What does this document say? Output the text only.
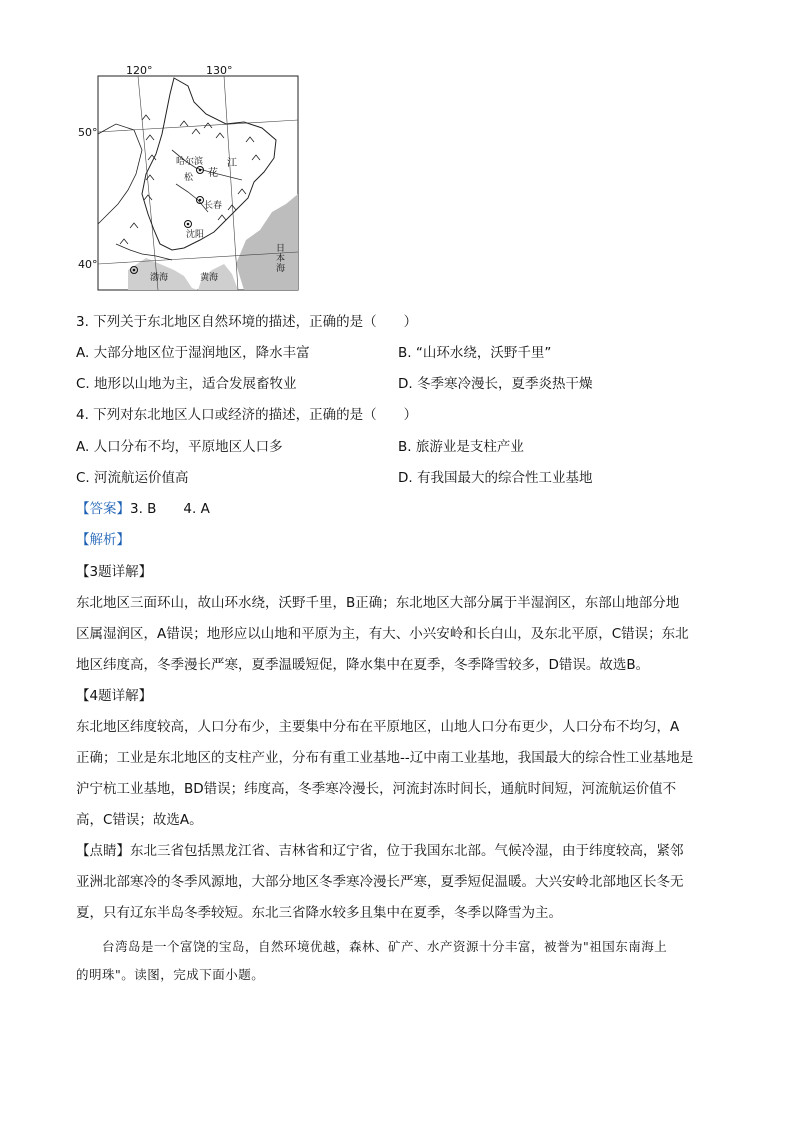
120°	130°
50°
40°
哈尔滨
长春
沈阳
花
江
松
渤海	黄海
日本海
3. 下列关于东北地区自然环境的描述，正确的是（　　）
A. 大部分地区位于湿润地区，降水丰富	B. “山环水绕，沃野千里”
C. 地形以山地为主，适合发展畜牧业	D. 冬季寒冷漫长，夏季炎热干燥
4. 下列对东北地区人口或经济的描述，正确的是（　　）
A. 人口分布不均，平原地区人口多	B. 旅游业是支柱产业
C. 河流航运价值高	D. 有我国最大的综合性工业基地
【答案】3. B　　4. A
【解析】
【3题详解】
东北地区三面环山，故山环水绕，沃野千里，B正确；东北地区大部分属于半湿润区，东部山地部分地
区属湿润区，A错误；地形应以山地和平原为主，有大、小兴安岭和长白山，及东北平原，C错误；东北
地区纬度高，冬季漫长严寒，夏季温暖短促，降水集中在夏季，冬季降雪较多，D错误。故选B。
【4题详解】
东北地区纬度较高，人口分布少，主要集中分布在平原地区，山地人口分布更少，人口分布不均匀，A
正确；工业是东北地区的支柱产业，分布有重工业基地--辽中南工业基地，我国最大的综合性工业基地是
沪宁杭工业基地，BD错误；纬度高，冬季寒冷漫长，河流封冻时间长，通航时间短，河流航运价值不
高，C错误；故选A。
【点睛】东北三省包括黑龙江省、吉林省和辽宁省，位于我国东北部。气候冷湿，由于纬度较高，紧邻
亚洲北部寒冷的冬季风源地，大部分地区冬季寒冷漫长严寒，夏季短促温暖。大兴安岭北部地区长冬无
夏，只有辽东半岛冬季较短。东北三省降水较多且集中在夏季，冬季以降雪为主。
台湾岛是一个富饶的宝岛，自然环境优越，森林、矿产、水产资源十分丰富，被誉为"祖国东南海上
的明珠"。读图，完成下面小题。
